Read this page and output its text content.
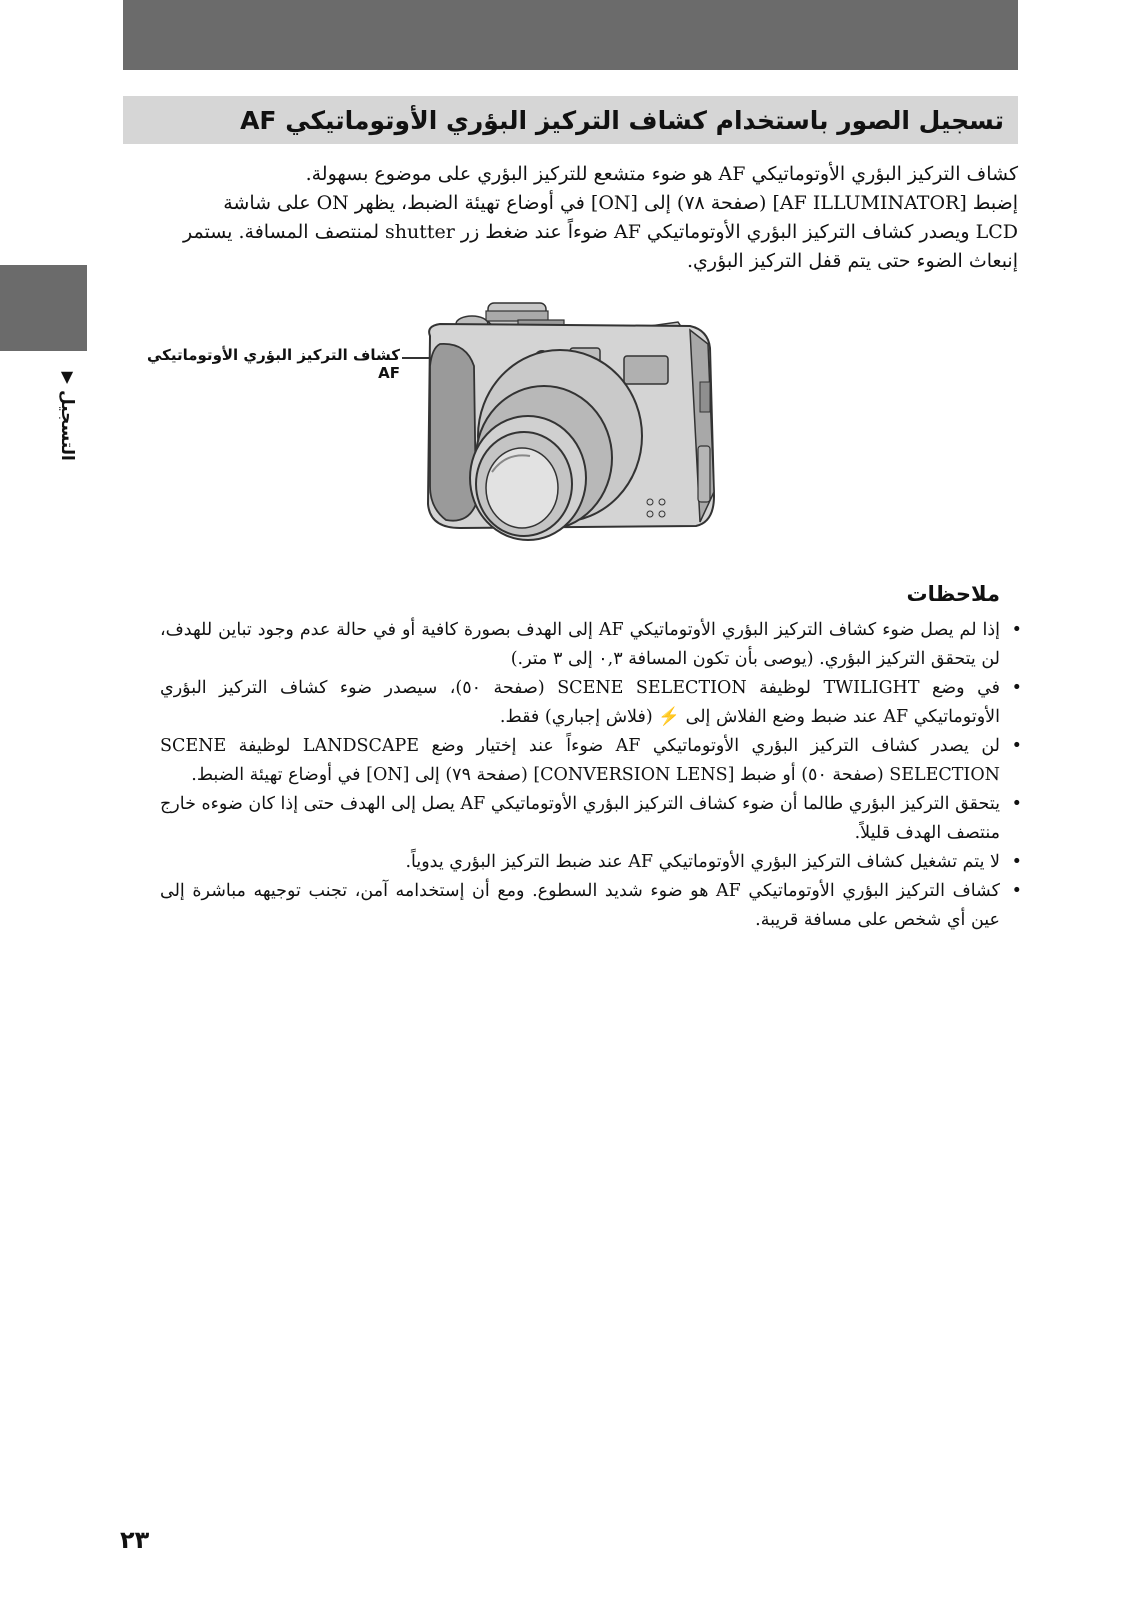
تسجيل الصور باستخدام كشاف التركيز البؤري الأوتوماتيكي AF
▼
التسجيل

كشاف التركيز البؤري الأوتوماتيكي AF هو ضوء متشعع للتركيز البؤري على موضوع بسهولة.

إضبط [AF ILLUMINATOR] (صفحة ٧٨) إلى [ON] في أوضاع تهيئة الضبط، يظهر ON على شاشة

LCD ويصدر كشاف التركيز البؤري الأوتوماتيكي AF ضوءاً عند ضغط زر shutter لمنتصف المسافة. يستمر

إنبعاث الضوء حتى يتم قفل التركيز البؤري.

كشاف التركيز البؤري الأوتوماتيكي AF
ملاحظات
•
إذا لم يصل ضوء كشاف التركيز البؤري الأوتوماتيكي AF إلى الهدف بصورة كافية أو في حالة عدم وجود تباين للهدف، لن يتحقق التركيز البؤري. (يوصى بأن تكون المسافة ٠,٣ إلى ٣ متر.)
•
في وضع TWILIGHT لوظيفة SCENE SELECTION (صفحة ٥٠)، سيصدر ضوء كشاف التركيز البؤري الأوتوماتيكي AF عند ضبط وضع الفلاش إلى ⚡ (فلاش إجباري) فقط.
•
لن يصدر كشاف التركيز البؤري الأوتوماتيكي AF ضوءاً عند إختيار وضع LANDSCAPE لوظيفة SCENE SELECTION (صفحة ٥٠) أو ضبط [CONVERSION LENS] (صفحة ٧٩) إلى [ON] في أوضاع تهيئة الضبط.
•
يتحقق التركيز البؤري طالما أن ضوء كشاف التركيز البؤري الأوتوماتيكي AF يصل إلى الهدف حتى إذا كان ضوءه خارج منتصف الهدف قليلاً.
•
لا يتم تشغيل كشاف التركيز البؤري الأوتوماتيكي AF عند ضبط التركيز البؤري يدوياً.
•
كشاف التركيز البؤري الأوتوماتيكي AF هو ضوء شديد السطوع. ومع أن إستخدامه آمن، تجنب توجيهه مباشرة إلى عين أي شخص على مسافة قريبة.
٢٣
